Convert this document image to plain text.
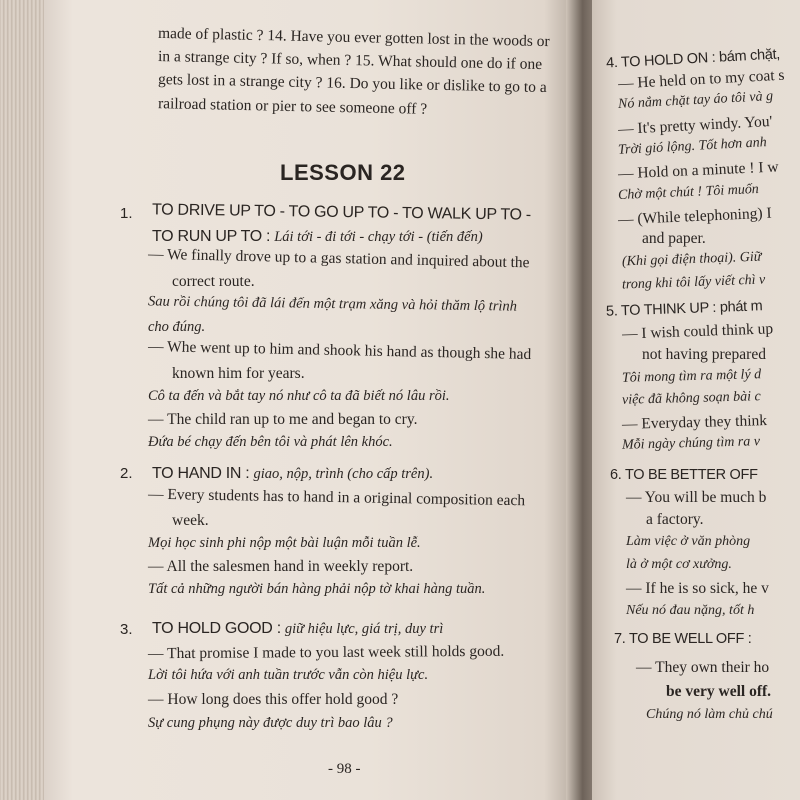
made of plastic ? 14. Have you ever gotten lost in the woods or
in a strange city ? If so, when ? 15. What should one do if one
gets lost in a strange city ? 16. Do you like or dislike to go to a
railroad station or pier to see someone off ?
LESSON 22
1. TO DRIVE UP TO - TO GO UP TO - TO WALK UP TO -
TO RUN UP TO : Lái tới - đi tới - chạy tới - (tiến đến)
— We finally drove up to a gas station and inquired about the
correct route.
Sau rồi chúng tôi đã lái đến một trạm xăng và hỏi thăm lộ trình
cho đúng.
— Whe went up to him and shook his hand as though she had
known him for years.
Cô ta đến và bắt tay nó như cô ta đã biết nó lâu rồi.
— The child ran up to me and began to cry.
Đứa bé chạy đến bên tôi và phát lên khóc.
2. TO HAND IN : giao, nộp, trình (cho cấp trên).
— Every students has to hand in a original composition each
week.
Mọi học sinh phi nộp một bài luận mỗi tuần lễ.
— All the salesmen hand in weekly report.
Tất cả những người bán hàng phải nộp tờ khai hàng tuần.
3. TO HOLD GOOD : giữ hiệu lực, giá trị, duy trì
— That promise I made to you last week still holds good.
Lời tôi hứa với anh tuần trước vẫn còn hiệu lực.
— How long does this offer hold good ?
Sự cung phụng này được duy trì bao lâu ?
- 98 -
4. TO HOLD ON : bám chặt,
— He held on to my coat s
Nó nắm chặt tay áo tôi và g
— It's pretty windy. You'
Trời gió lộng. Tốt hơn anh
— Hold on a minute ! I w
Chờ một chút ! Tôi muốn
— (While telephoning) I
and paper.
(Khi gọi điện thoại). Giữ
trong khi tôi lấy viết chì v
5. TO THINK UP : phát m
— I wish could think up
not having prepared
Tôi mong tìm ra một lý d
việc đã không soạn bài c
— Everyday they think
Mỗi ngày chúng tìm ra v
6. TO BE BETTER OFF
— You will be much b
a factory.
Làm việc ở văn phòng
là ở một cơ xưởng.
— If he is so sick, he v
Nếu nó đau nặng, tốt h
7. TO BE WELL OFF :
— They own their ho
be very well off.
Chúng nó làm chủ chú
